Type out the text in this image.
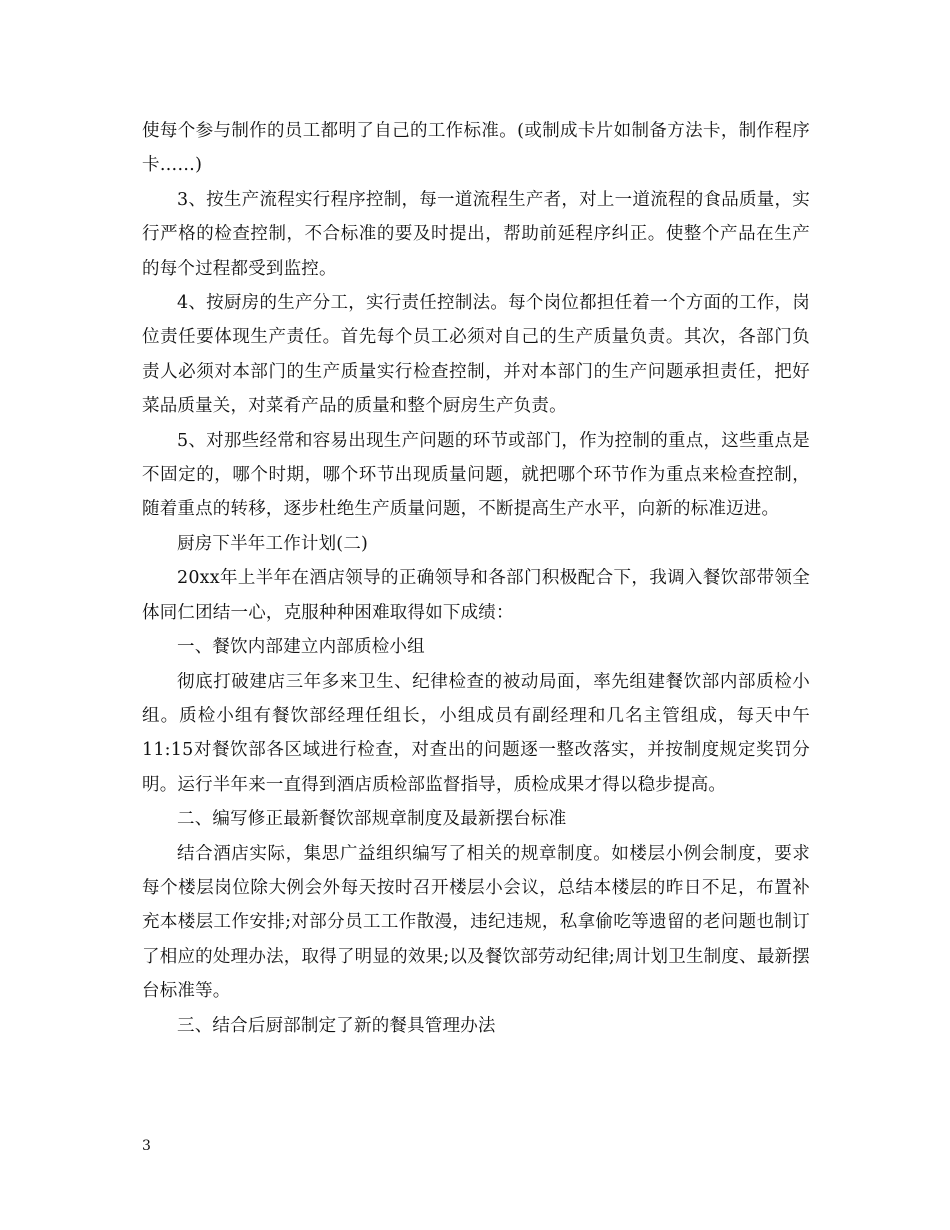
使每个参与制作的员工都明了自己的工作标准。(或制成卡片如制备方法卡，制作程序卡……)

3、按生产流程实行程序控制，每一道流程生产者，对上一道流程的食品质量，实行严格的检查控制，不合标准的要及时提出，帮助前延程序纠正。使整个产品在生产的每个过程都受到监控。

4、按厨房的生产分工，实行责任控制法。每个岗位都担任着一个方面的工作，岗位责任要体现生产责任。首先每个员工必须对自己的生产质量负责。其次，各部门负责人必须对本部门的生产质量实行检查控制，并对本部门的生产问题承担责任，把好菜品质量关，对菜肴产品的质量和整个厨房生产负责。

5、对那些经常和容易出现生产问题的环节或部门，作为控制的重点，这些重点是不固定的，哪个时期，哪个环节出现质量问题，就把哪个环节作为重点来检查控制，随着重点的转移，逐步杜绝生产质量问题，不断提高生产水平，向新的标准迈进。

厨房下半年工作计划(二)

20xx年上半年在酒店领导的正确领导和各部门积极配合下，我调入餐饮部带领全体同仁团结一心，克服种种困难取得如下成绩：

一、餐饮内部建立内部质检小组

彻底打破建店三年多来卫生、纪律检查的被动局面，率先组建餐饮部内部质检小组。质检小组有餐饮部经理任组长，小组成员有副经理和几名主管组成，每天中午11:15对餐饮部各区域进行检查，对查出的问题逐一整改落实，并按制度规定奖罚分明。运行半年来一直得到酒店质检部监督指导，质检成果才得以稳步提高。

二、编写修正最新餐饮部规章制度及最新摆台标准

结合酒店实际，集思广益组织编写了相关的规章制度。如楼层小例会制度，要求每个楼层岗位除大例会外每天按时召开楼层小会议，总结本楼层的昨日不足，布置补充本楼层工作安排;对部分员工工作散漫，违纪违规，私拿偷吃等遗留的老问题也制订了相应的处理办法，取得了明显的效果;以及餐饮部劳动纪律;周计划卫生制度、最新摆台标准等。

三、结合后厨部制定了新的餐具管理办法

3
